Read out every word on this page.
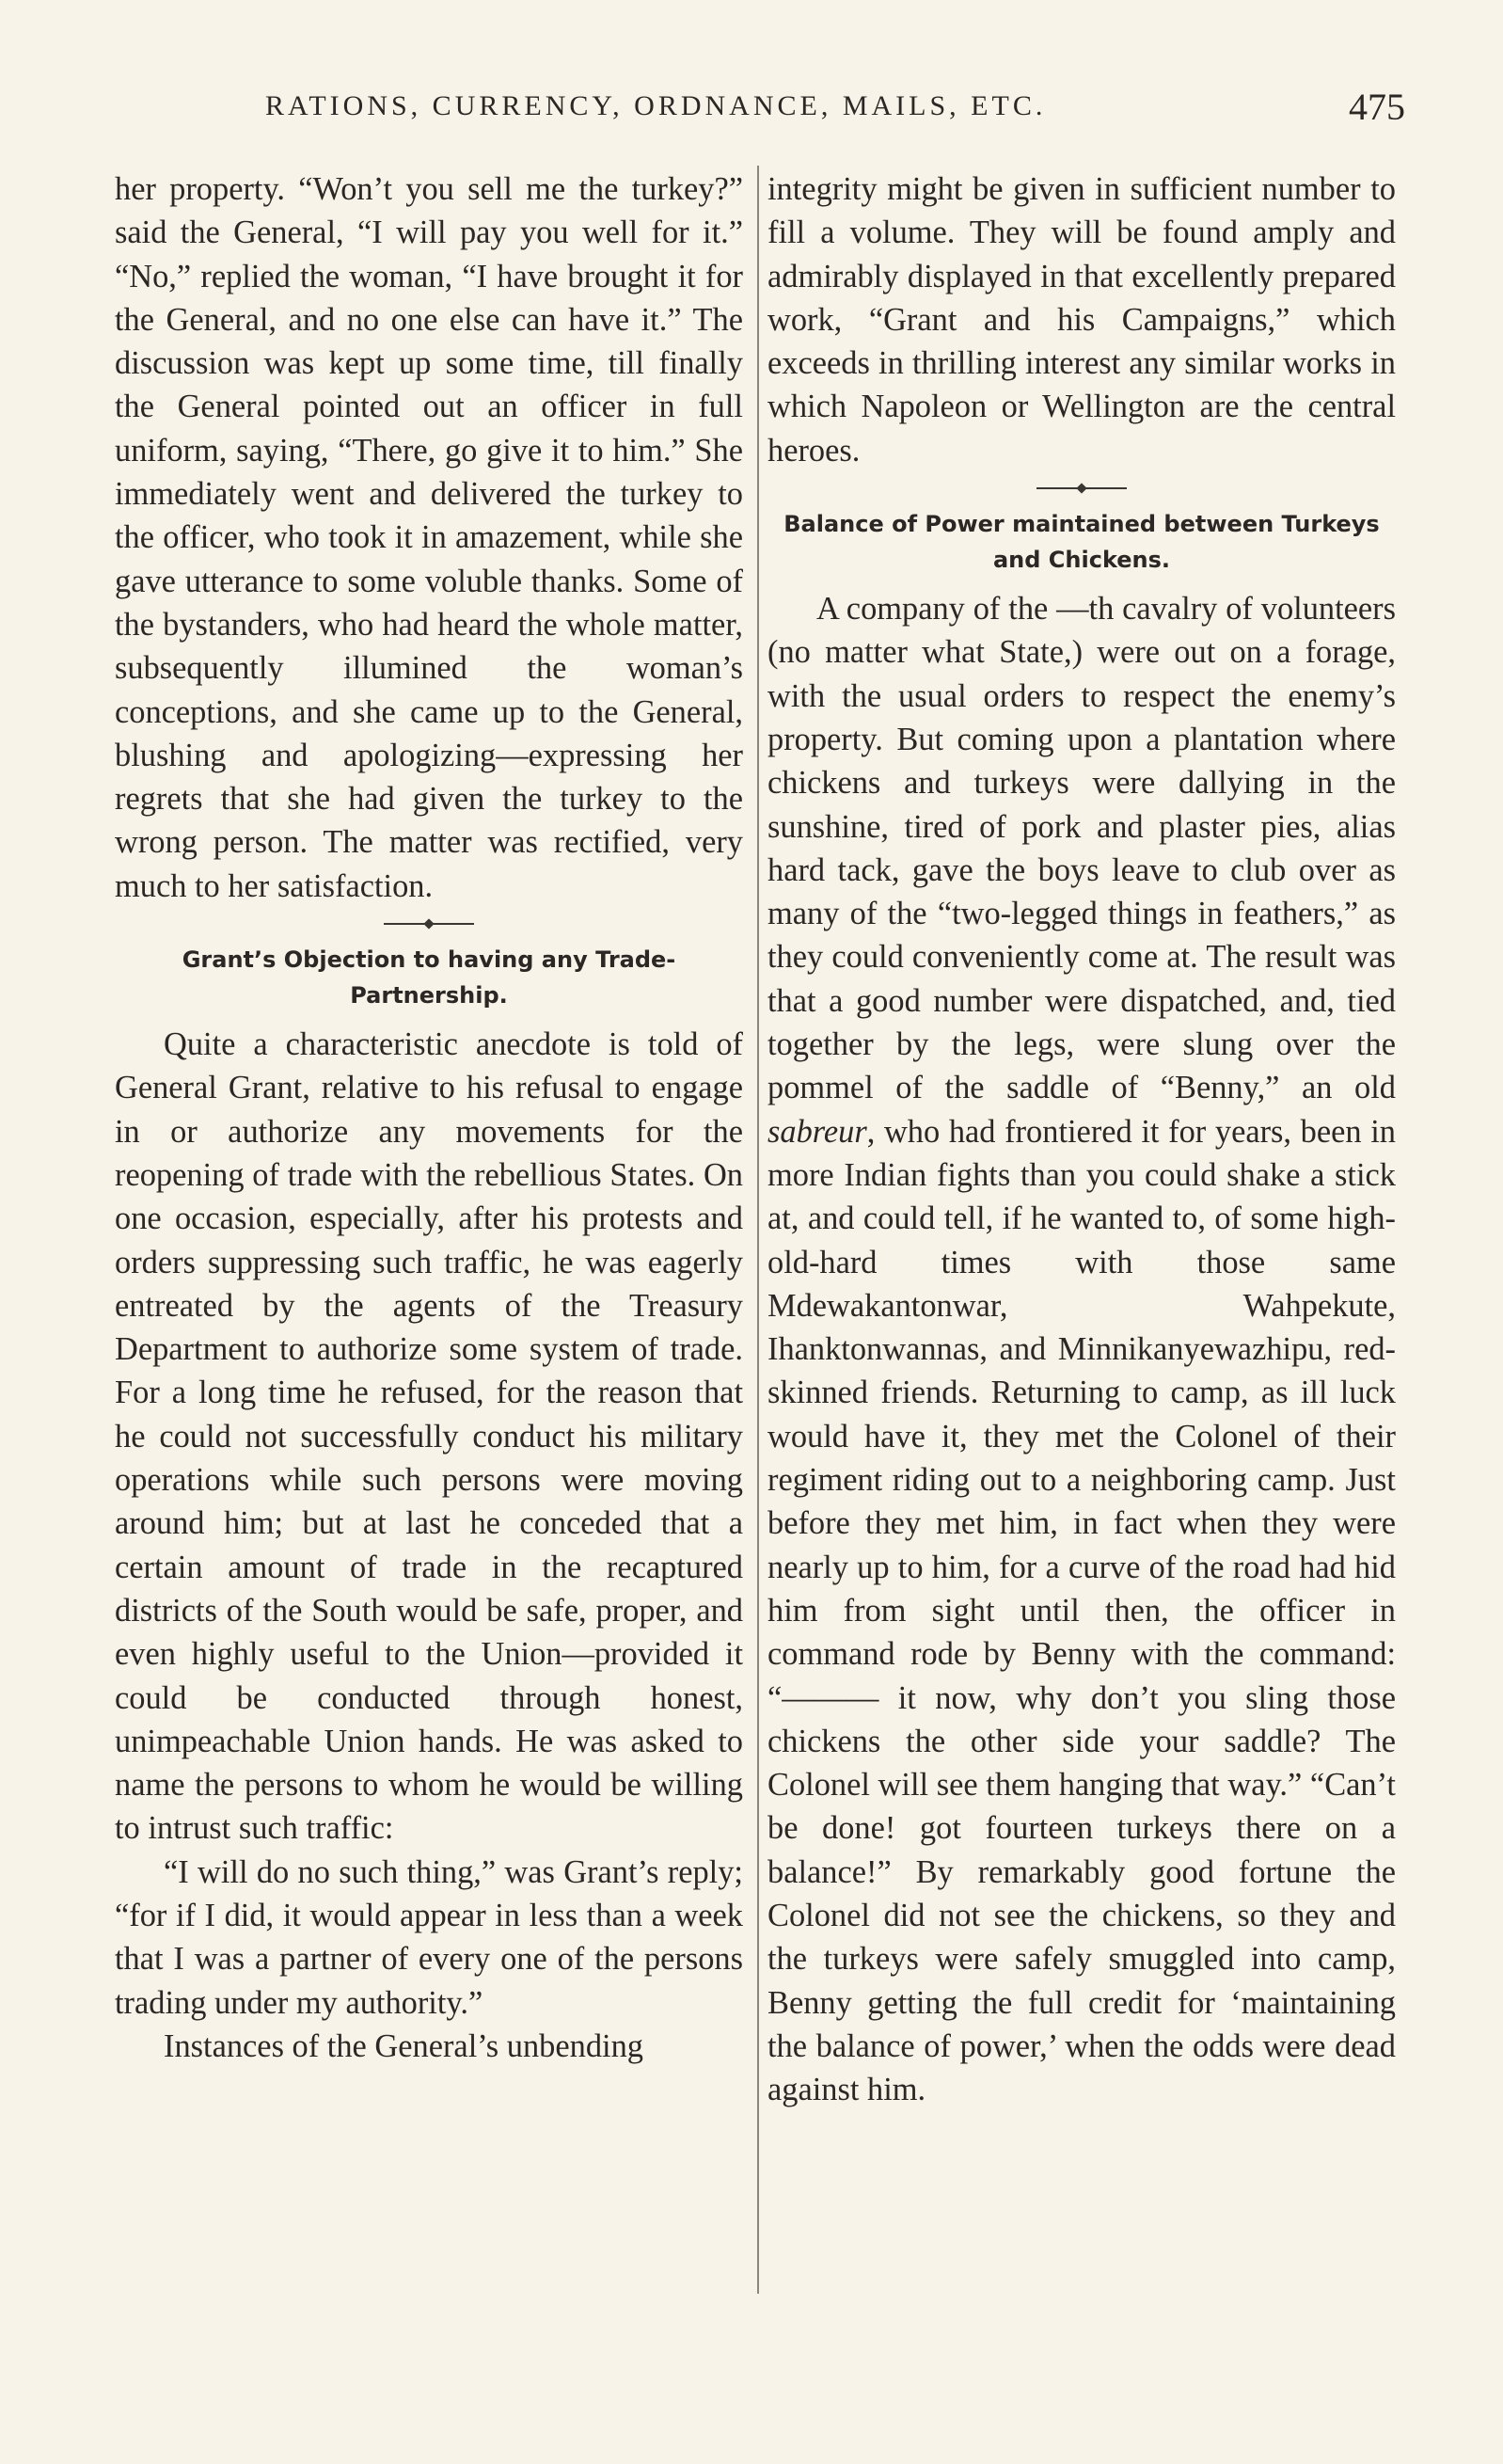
RATIONS, CURRENCY, ORDNANCE, MAILS, ETC.	475

her property. “Won’t you sell me the turkey?” said the General, “I will pay you well for it.” “No,” replied the woman, “I have brought it for the General, and no one else can have it.” The discussion was kept up some time, till finally the General pointed out an officer in full uniform, saying, “There, go give it to him.” She immediately went and delivered the turkey to the officer, who took it in amazement, while she gave utterance to some voluble thanks. Some of the bystanders, who had heard the whole matter, subsequently illumined the woman’s conceptions, and she came up to the General, blushing and apologizing—expressing her regrets that she had given the turkey to the wrong person. The matter was rectified, very much to her satisfaction.

Grant’s Objection to having any Trade-Partnership.

Quite a characteristic anecdote is told of General Grant, relative to his refusal to engage in or authorize any movements for the reopening of trade with the rebellious States. On one occasion, especially, after his protests and orders suppressing such traffic, he was eagerly entreated by the agents of the Treasury Department to authorize some system of trade. For a long time he refused, for the reason that he could not successfully conduct his military operations while such persons were moving around him; but at last he conceded that a certain amount of trade in the recaptured districts of the South would be safe, proper, and even highly useful to the Union—provided it could be conducted through honest, unimpeachable Union hands. He was asked to name the persons to whom he would be willing to intrust such traffic:

“I will do no such thing,” was Grant’s reply; “for if I did, it would appear in less than a week that I was a partner of every one of the persons trading under my authority.”

Instances of the General’s unbending

integrity might be given in sufficient number to fill a volume. They will be found amply and admirably displayed in that excellently prepared work, “Grant and his Campaigns,” which exceeds in thrilling interest any similar works in which Napoleon or Wellington are the central heroes.

Balance of Power maintained between Turkeys and Chickens.

A company of the —th cavalry of volunteers (no matter what State,) were out on a forage, with the usual orders to respect the enemy’s property. But coming upon a plantation where chickens and turkeys were dallying in the sunshine, tired of pork and plaster pies, alias hard tack, gave the boys leave to club over as many of the “two-legged things in feathers,” as they could conveniently come at. The result was that a good number were dispatched, and, tied together by the legs, were slung over the pommel of the saddle of “Benny,” an old sabreur, who had frontiered it for years, been in more Indian fights than you could shake a stick at, and could tell, if he wanted to, of some high-old-hard times with those same Mdewakantonwar, Wahpekute, Ihanktonwannas, and Minnikanyewazhipu, red-skinned friends. Returning to camp, as ill luck would have it, they met the Colonel of their regiment riding out to a neighboring camp. Just before they met him, in fact when they were nearly up to him, for a curve of the road had hid him from sight until then, the officer in command rode by Benny with the command: “——— it now, why don’t you sling those chickens the other side your saddle? The Colonel will see them hanging that way.” “Can’t be done! got fourteen turkeys there on a balance!” By remarkably good fortune the Colonel did not see the chickens, so they and the turkeys were safely smuggled into camp, Benny getting the full credit for ‘maintaining the balance of power,’ when the odds were dead against him.
